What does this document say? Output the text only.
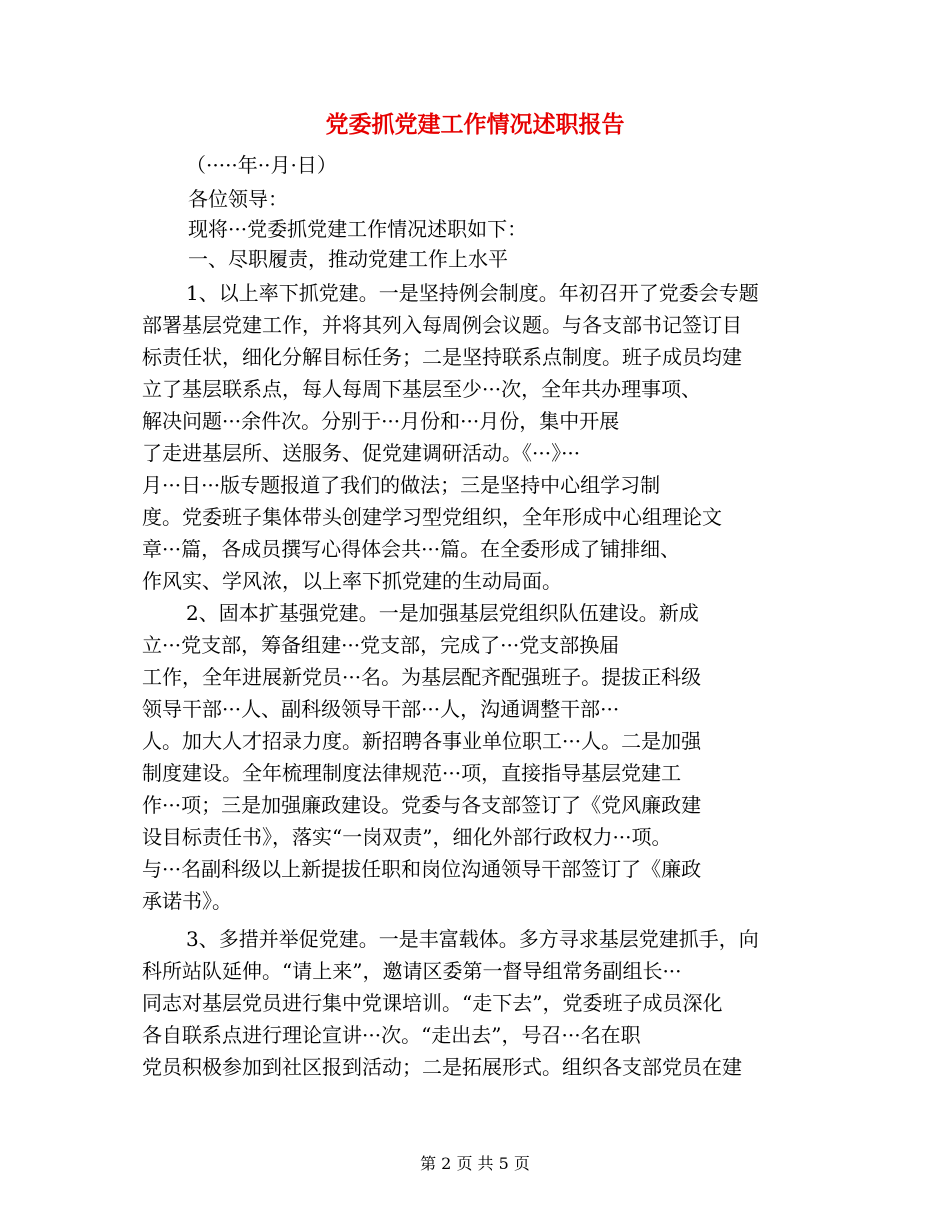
党委抓党建工作情况述职报告
（·····年··月·日）
各位领导：
现将···党委抓党建工作情况述职如下：
一、尽职履责，推动党建工作上水平
1、以上率下抓党建。一是坚持例会制度。年初召开了党委会专题
部署基层党建工作，并将其列入每周例会议题。与各支部书记签订目
标责任状，细化分解目标任务；二是坚持联系点制度。班子成员均建
立了基层联系点，每人每周下基层至少···次，全年共办理事项、
解决问题···余件次。分别于···月份和···月份，集中开展
了走进基层所、送服务、促党建调研活动。《···》···
月···日···版专题报道了我们的做法；三是坚持中心组学习制
度。党委班子集体带头创建学习型党组织，全年形成中心组理论文
章···篇，各成员撰写心得体会共···篇。在全委形成了铺排细、
作风实、学风浓，以上率下抓党建的生动局面。
2、固本扩基强党建。一是加强基层党组织队伍建设。新成
立···党支部，筹备组建···党支部，完成了···党支部换届
工作，全年进展新党员···名。为基层配齐配强班子。提拔正科级
领导干部···人、副科级领导干部···人，沟通调整干部···
人。加大人才招录力度。新招聘各事业单位职工···人。二是加强
制度建设。全年梳理制度法律规范···项，直接指导基层党建工
作···项；三是加强廉政建设。党委与各支部签订了《党风廉政建
设目标责任书》，落实“一岗双责”，细化外部行政权力···项。
与···名副科级以上新提拔任职和岗位沟通领导干部签订了《廉政
承诺书》。
3、多措并举促党建。一是丰富载体。多方寻求基层党建抓手，向
科所站队延伸。“请上来”，邀请区委第一督导组常务副组长···
同志对基层党员进行集中党课培训。“走下去”，党委班子成员深化
各自联系点进行理论宣讲···次。“走出去”，号召···名在职
党员积极参加到社区报到活动；二是拓展形式。组织各支部党员在建
第 2 页 共 5 页
